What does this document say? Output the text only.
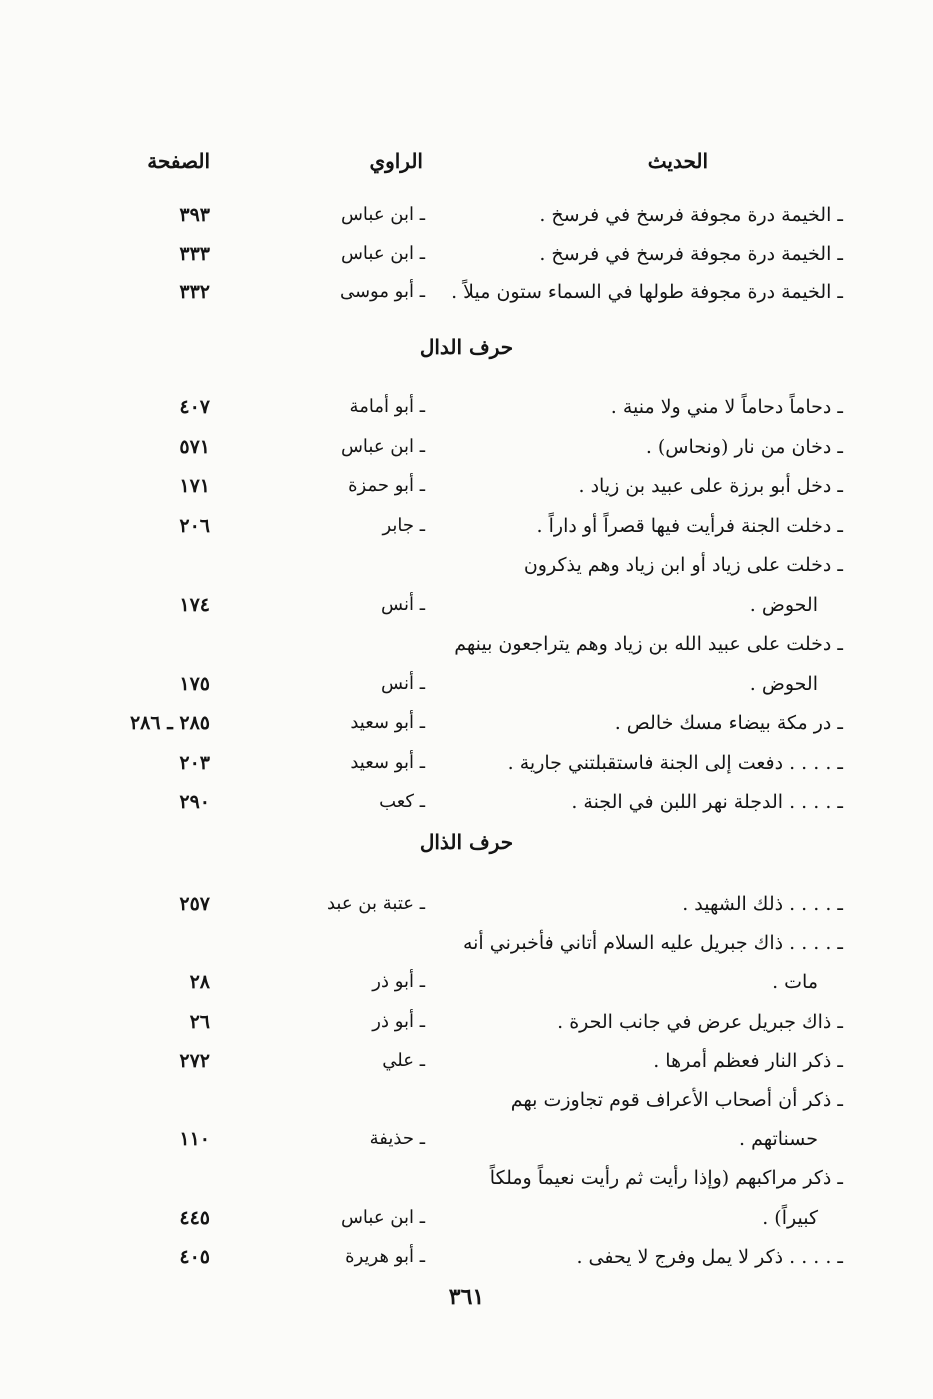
الحديث
الراوي
الصفحة
ـ الخيمة درة مجوفة فرسخ في فرسخ .
ـ ابن عباس
٣٩٣
ـ الخيمة درة مجوفة فرسخ في فرسخ .
ـ ابن عباس
٣٣٣
ـ الخيمة درة مجوفة طولها في السماء ستون ميلاً .
ـ أبو موسى
٣٣٢
حرف الدال
ـ دحاماً دحاماً لا مني ولا منية .
ـ أبو أمامة
٤٠٧
ـ دخان من نار (ونحاس) .
ـ ابن عباس
٥٧١
ـ دخل أبو برزة على عبيد بن زياد .
ـ أبو حمزة
١٧١
ـ دخلت الجنة فرأيت فيها قصراً أو داراً .
ـ جابر
٢٠٦
ـ دخلت على زياد أو ابن زياد وهم يذكرون
الحوض .
ـ أنس
١٧٤
ـ دخلت على عبيد الله بن زياد وهم يتراجعون بينهم
الحوض .
ـ أنس
١٧٥
ـ در مكة بيضاء مسك خالص .
ـ أبو سعيد
٢٨٥ ـ ٢٨٦
ـ . . . . دفعت إلى الجنة فاستقبلتني جارية .
ـ أبو سعيد
٢٠٣
ـ . . . . الدجلة نهر اللبن في الجنة .
ـ كعب
٢٩٠
حرف الذال
ـ . . . . ذلك الشهيد .
ـ عتبة بن عبد
٢٥٧
ـ . . . . ذاك جبريل عليه السلام أتاني فأخبرني أنه
مات .
ـ أبو ذر
٢٨
ـ ذاك جبريل عرض في جانب الحرة .
ـ أبو ذر
٢٦
ـ ذكر النار فعظم أمرها .
ـ علي
٢٧٢
ـ ذكر أن أصحاب الأعراف قوم تجاوزت بهم
حسناتهم .
ـ حذيفة
١١٠
ـ ذكر مراكبهم (وإذا رأيت ثم رأيت نعيماً وملكاً
كبيراً) .
ـ ابن عباس
٤٤٥
ـ . . . . ذكر لا يمل وفرج لا يحفى .
ـ أبو هريرة
٤٠٥
٣٦١
